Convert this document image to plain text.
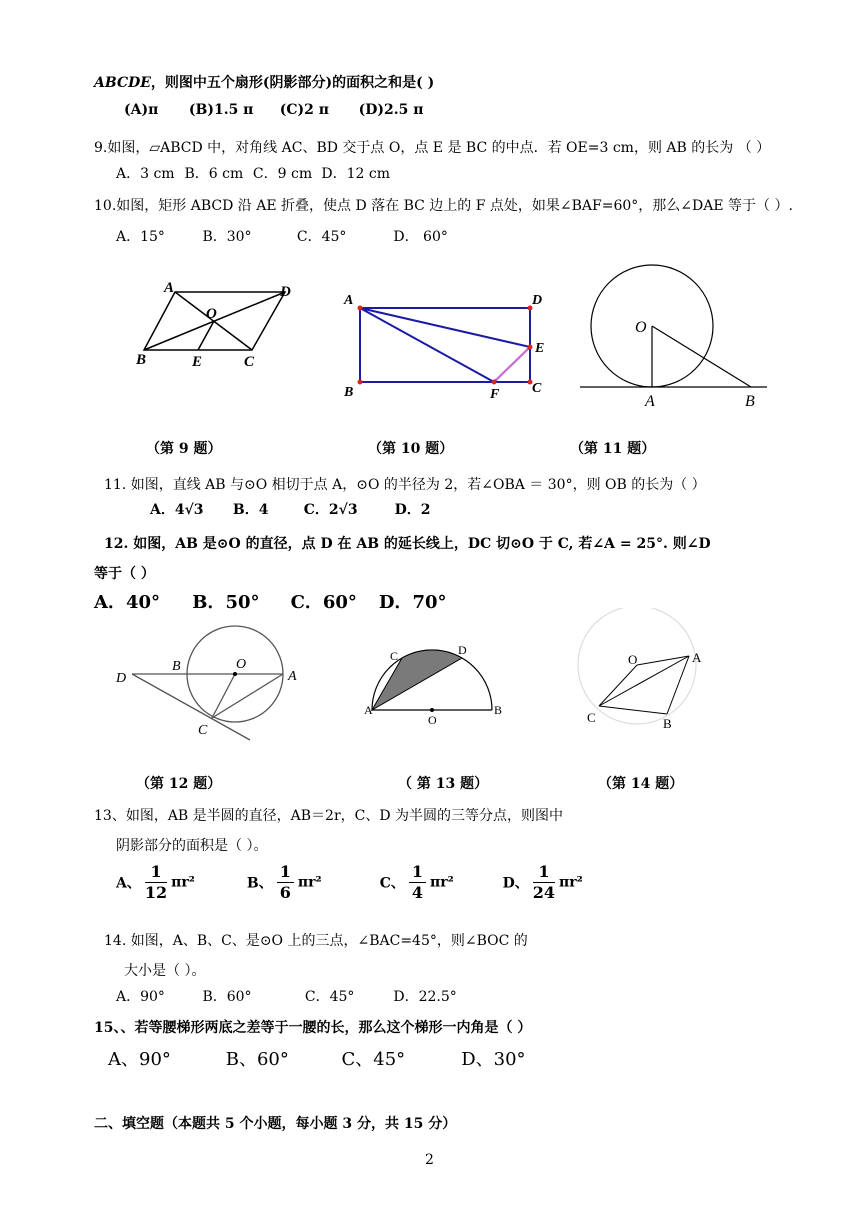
ABCDE，则图中五个扇形(阴影部分)的面积之和是( )
(A)π (B)1.5 π (C)2 π (D)2.5 π
9.如图，▱ABCD 中，对角线 AC、BD 交于点 O，点 E 是 BC 的中点．若 OE=3 cm，则 AB 的长为 （ ）
A．3 cm B．6 cm C．9 cm D．12 cm
10.如图，矩形 ABCD 沿 AE 折叠，使点 D 落在 BC 边上的 F 点处，如果∠BAF=60°，那么∠DAE 等于（ ）.
A．15°	B．30°	C．45°	D． 60°
A	D
O
B	E	C
A	D
E
B	F C
O
A	B
（第 9 题）	（第 10 题）	（第 11 题）
11. 如图，直线 AB 与⊙O 相切于点 A，⊙O 的半径为 2，若∠OBA ＝ 30°，则 OB 的长为（ ）
A．4√3 B．4	C．2√3	D．2
12. 如图，AB 是⊙O 的直径，点 D 在 AB 的延长线上，DC 切⊙O 于 C, 若∠A = 25°. 则∠D
等于（ ）
A．40° B．50° C．60° D．70°
D
B	O
A
C
C	D
A
O
B
O	A
C	B
（第 12 题）	（ 第 13 题）	（第 14 题）
13、如图，AB 是半圆的直径，AB＝2r，C、D 为半圆的三等分点，则图中
阴影部分的面积是（ ）。
A、 $\frac{1}{12} \pi r^2$	B、 $\frac{1}{6} \pi r^2$	C、 $\frac{1}{4} \pi r^2$	D、 $\frac{1}{24} \pi r^2$
14. 如图，A、B、C、是⊙O 上的三点，∠BAC=45°，则∠BOC 的
大小是（ ）。
A．90°	B．60°	C．45°	D．22.5°
15、、若等腰梯形两底之差等于一腰的长，那么这个梯形一内角是（ ）
A、90°	B、60°	C、45°	D、30°
二、填空题（本题共 5 个小题，每小题 3 分，共 15 分）
2
